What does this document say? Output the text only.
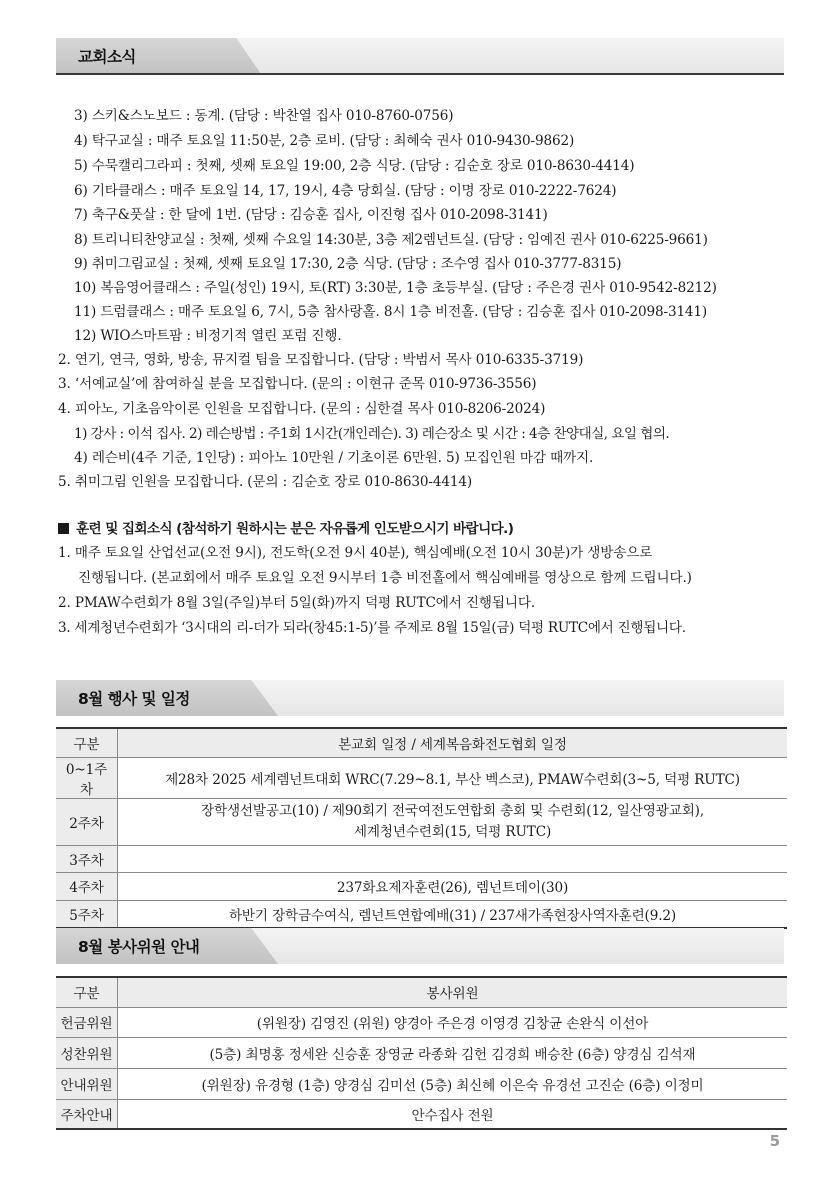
교회소식
3) 스키&스노보드 : 동계. (담당 : 박찬열 집사 010-8760-0756)
4) 탁구교실 : 매주 토요일 11:50분, 2층 로비. (담당 : 최혜숙 권사 010-9430-9862)
5) 수묵캘리그라피 : 첫째, 셋째 토요일 19:00, 2층 식당. (담당 : 김순호 장로 010-8630-4414)
6) 기타클래스 : 매주 토요일 14, 17, 19시, 4층 당회실. (담당 : 이명 장로 010-2222-7624)
7) 축구&풋살 : 한 달에 1번. (담당 : 김승훈 집사, 이진형 집사 010-2098-3141)
8) 트리니티찬양교실 : 첫째, 셋째 수요일 14:30분, 3층 제2렘넌트실. (담당 : 임예진 권사 010-6225-9661)
9) 취미그림교실 : 첫째, 셋째 토요일 17:30, 2층 식당. (담당 : 조수영 집사 010-3777-8315)
10) 복음영어클래스 : 주일(성인) 19시, 토(RT) 3:30분, 1층 초등부실. (담당 : 주은경 권사 010-9542-8212)
11) 드럼클래스 : 매주 토요일 6, 7시, 5층 참사랑홀. 8시 1층 비전홀. (담당 : 김승훈 집사 010-2098-3141)
12) WIO스마트팜 : 비정기적 열린 포럼 진행.
2. 연기, 연극, 영화, 방송, 뮤지컬 팀을 모집합니다. (담당 : 박범서 목사 010-6335-3719)
3. ‘서예교실’에 참여하실 분을 모집합니다. (문의 : 이현규 준목 010-9736-3556)
4. 피아노, 기초음악이론 인원을 모집합니다. (문의 : 심한결 목사 010-8206-2024)
1) 강사 : 이석 집사. 2) 레슨방법 : 주1회 1시간(개인레슨). 3) 레슨장소 및 시간 : 4층 찬양대실, 요일 협의.
4) 레슨비(4주 기준, 1인당) : 피아노 10만원 / 기초이론 6만원. 5) 모집인원 마감 때까지.
5. 취미그림 인원을 모집합니다. (문의 : 김순호 장로 010-8630-4414)
훈련 및 집회소식 (참석하기 원하시는 분은 자유롭게 인도받으시기 바랍니다.)
1. 매주 토요일 산업선교(오전 9시), 전도학(오전 9시 40분), 핵심예배(오전 10시 30분)가 생방송으로
진행됩니다. (본교회에서 매주 토요일 오전 9시부터 1층 비전홀에서 핵심예배를 영상으로 함께 드립니다.)
2. PMAW수련회가 8월 3일(주일)부터 5일(화)까지 덕평 RUTC에서 진행됩니다.
3. 세계청년수련회가 ‘3시대의 리-더가 되라(창45:1-5)’를 주제로 8월 15일(금) 덕평 RUTC에서 진행됩니다.
8월 행사 및 일정
구분	본교회 일정 / 세계복음화전도협회 일정
0~1주차	제28차 2025 세계렘넌트대회 WRC(7.29~8.1, 부산 벡스코), PMAW수련회(3~5, 덕평 RUTC)
2주차	장학생선발공고(10) / 제90회기 전국여전도연합회 총회 및 수련회(12, 일산영광교회),
세계청년수련회(15, 덕평 RUTC)

3주차	
4주차	237화요제자훈련(26), 렘넌트데이(30)
5주차	하반기 장학금수여식, 렘넌트연합예배(31) / 237새가족현장사역자훈련(9.2)
8월 봉사위원 안내
구분	봉사위원
헌금위원	(위원장) 김영진 (위원) 양경아 주은경 이영경 김창균 손완식 이선아
성찬위원	(5층) 최명홍 정세완 신승훈 장영균 라종화 김헌 김경희 배승찬 (6층) 양경심 김석재
안내위원	(위원장) 유경형 (1층) 양경심 김미선 (5층) 최신혜 이은숙 유경선 고진순 (6층) 이정미
주차안내	안수집사 전원
5
